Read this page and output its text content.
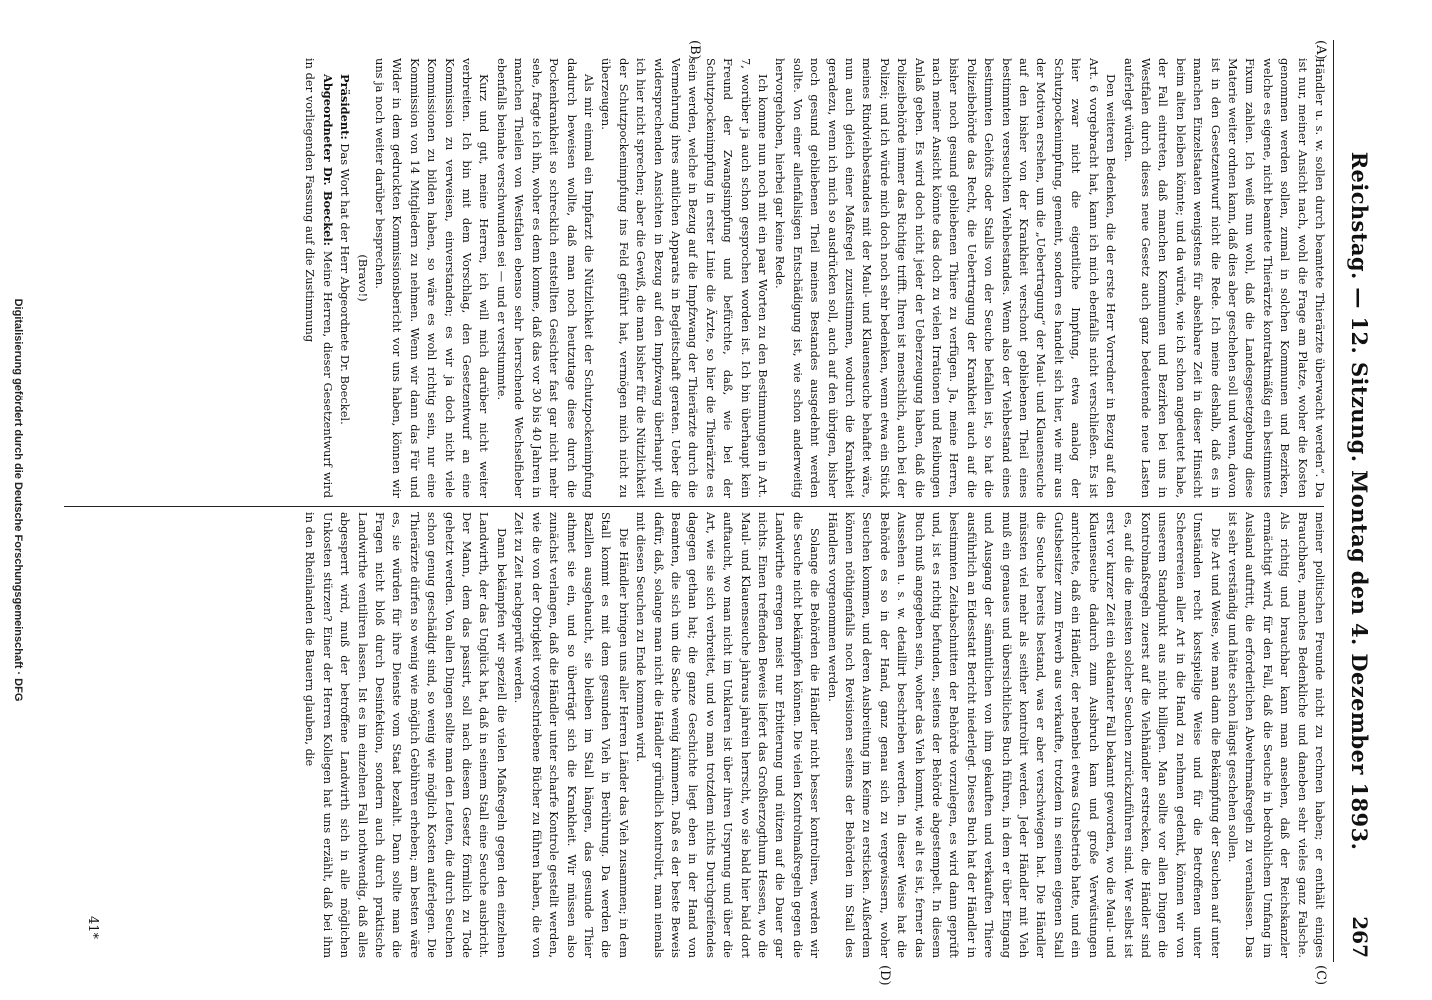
Reichstag. — 12. Sitzung. Montag den 4. Dezember 1893.
267
(A)
(B)
(C)
(D)

Händler u. s. w. sollen durch beamtete Thierärzte überwacht werden“. Da ist nur, meiner Ansicht nach, wohl die Frage am Platze, woher die Kosten genommen werden sollen, zumal in solchen Kommunen und Bezirken, welche es eigene, nicht beamtete Thierärzte kontraktmäßig ein bestimmtes Fixum zahlen. Ich weiß nun wohl, daß die Landesgesetzgebung diese Materie weiter ordnen kann, daß dies aber geschehen soll und wenn, davon ist in den Gesetzentwurf nicht die Rede. Ich meine deshalb, daß es in manchen Einzelstaaten wenigstens für absehbare Zeit in dieser Hinsicht beim alten bleiben könnte; und da würde, wie ich schon angedeutet habe, der Fall eintreten, daß manchen Kommunen und Bezirken bei uns in Westfalen durch dieses neue Gesetz auch ganz bedeutende neue Lasten auferlegt würden.

Den weiteren Bedenken, die der erste Herr Vorredner in Bezug auf den Art. 6 vorgebracht hat, kann ich mich ebenfalls nicht verschließen. Es ist hier zwar nicht die eigentliche Impfung, etwa analog der Schutzpockenimpfung, gemeint, sondern es handelt sich hier, wie mir aus der Motiven ersehen, um die „Uebertragung“ der Maul- und Klauenseuche auf den bisher von der Krankheit verschont gebliebenen Theil eines bestimmten verseuchten Viehbestandes. Wenn also der Viehbestand eines bestimmten Gehöfts oder Stalls von der Seuche befallen ist, so hat die Polizeibehörde das Recht, die Uebertragung der Krankheit auch auf die bisher noch gesund gebliebenen Thiere zu verfügen. Ja, meine Herren, nach meiner Ansicht könnte das doch zu vielen Irrationen und Reibungen Anlaß geben. Es wird doch nicht jeder der Ueberzeugung haben, daß die Polizeibehörde immer das Richtige trifft. Ihren ist menschlich, auch bei der Polizei; und ich würde mich doch noch sehr bedenken, wenn etwa ein Stück meines Rindviehbestandes mit der Maul- und Klauenseuche behaftet wäre, nun auch gleich einer Maßregel zuzustimmen, wodurch die Krankheit geradezu, wenn ich mich so ausdrücken soll, auch auf den übrigen, bisher noch gesund gebliebenen Theil meines Bestandes ausgedehnt werden sollte. Von einer allenfallsigen Entschädigung ist, wie schon anderweitig hervorgehoben, hierbei gar keine Rede.

Ich komme nun noch mit ein paar Worten zu den Bestimmungen in Art. 7, worüber ja auch schon gesprochen worden ist. Ich bin überhaupt kein Freund der Zwangsimpfung und befürchte, daß, wie bei der Schutzpockenimpfung in erster Linie die Ärzte, so hier die Thierärzte es sein werden, welche in Bezug auf die Impfzwang der Thierärzte durch die Vermehrung ihres amtlichen Apparats in Begleitschaft geraten. Ueber die widersprechenden Ansichten in Bezug auf den Impfzwang überhaupt will ich hier nicht sprechen; aber die Gewiß, die man bisher für die Nützlichkeit der Schutzpockenimpfung ins Feld geführt hat, vermögen mich nicht zu überzeugen.

Als mir einmal ein Impfarzt die Nützlichkeit der Schutzpockenimpfung dadurch beweisen wollte, daß man noch heutzutage diese durch die Pockenkrankheit so schrecklich entstellten Gesichter fast gar nicht mehr sehe, fragte ich ihn, woher es denn komme, daß das vor 30 bis 40 Jahren in manchen Theilen von Westfalen ebenso sehr herrschende Wechselfieber ebenfalls beinahe verschwunden sei — und er verstummte.

Kurz und gut, meine Herren, ich will mich darüber nicht weiter verbreiten. Ich bin mit dem Vorschlag, den Gesetzentwurf an eine Kommission zu verweisen, einverstanden; es wir ja doch nicht viele Kommissionen zu bilden haben, so wäre es wohl richtig sein, nur eine Kommission von 14 Mitgliedern zu nehmen. Wenn wir dann das Für und Wider in dem gedruckten Kommissionsbericht vor uns haben, können wir uns ja noch weiter darüber besprechen.

(Bravo!)

Präsident: Das Wort hat der Herr Abgeordnete Dr. Boeckel.

Abgeordneter Dr. Boeckel: Meine Herren, dieser Gesetzentwurf wird in der vorliegenden Fassung auf die Zustimmung

meiner politischen Freunde nicht zu rechnen haben; er enthält einiges Brauchbare, manches Bedenkliche und daneben sehr vieles ganz Falsche. Als richtig und brauchbar kann man ansehen, daß der Reichskanzler ermächtigt wird, für den Fall, daß die Seuche in bedrohlichem Umfang im Ausland auftritt, die erforderlichen Abwehrmaßregeln zu veranlassen. Das ist sehr verständig und hätte schon längst geschehen sollen.

Die Art und Weise, wie man dann die Bekämpfung der Seuchen auf unter Umständen recht kostspielige Weise und für die Betroffenen unter Scheerereien aller Art in die Hand zu nehmen gedenkt, können wir von unserem Standpunkt aus nicht billigen. Man sollte vor allen Dingen die Kontrolmaßregeln zuerst auf die Viehhändler erstrecken, die Händler sind es, auf die die meisten solcher Seuchen zurückzuführen sind. Wer selbst ist erst vor kurzer Zeit ein eklatanter Fall bekannt geworden, wo die Maul- und Klauenseuche dadurch zum Ausbruch kam und große Verwüstungen anrichtete, daß ein Händler, der nebenbei etwas Gutsbetrieb hatte, und ein Gutsbesitzer zum Erwerb aus verkaufte, trotzdem in seinem eigenen Stall die Seuche bereits bestand, was er aber verschwiegen hat. Die Händler müssten viel mehr als seither kontrolirt werden. Jeder Händler mit Vieh muß ein genaues und übersichtliches Buch führen, in dem er über Eingang und Ausgang der sämmtlichen von ihm gekauften und verkauften Thiere ausführlich an Eidesstatt Bericht niederlegt. Dieses Buch hat der Händler in bestimmten Zeitabschnitten der Behörde vorzulegen, es wird dann geprüft und, ist es richtig befunden, seitens der Behörde abgestempelt. In diesem Buch muß angegeben sein, woher das Vieh kommt, wie alt es ist, ferner das Aussehen u. s. w. detaillirt beschrieben werden. In dieser Weise hat die Behörde es so in der Hand, ganz genau sich zu vergewissern, woher Seuchen kommen, und deren Ausbreitung im Keime zu ersticken. Außerdem können nöthigenfalls noch Revisionen seitens der Behörden im Stall des Händlers vorgenommen werden.

Solange die Behörden die Händler nicht besser kontroliren, werden wir die Seuche nicht bekämpfen können. Die vielen Kontrolmaßregeln gegen die Landwirthe erregen meist nur Erbitterung und nützen auf die Dauer gar nichts. Einen treffenden Beweis liefert das Großherzogthum Hessen, wo die Maul- und Klauenseuche jahraus jahrein herrscht, wo sie bald hier bald dort auftaucht, wo man nicht im Unklaren ist über ihren Ursprung und über die Art, wie sie sich verbreitet, und wo man trotzdem nichts Durchgreifendes dagegen gethan hat; die ganze Geschichte liegt eben in der Hand von Beamten, die sich um die Sache wenig kümmern. Daß es der beste Beweis dafür, daß, solange man nicht die Händler gründlich kontrolirt, man niemals mit diesen Seuchen zu Ende kommen wird.

Die Händler bringen uns aller Herren Länder das Vieh zusammen; in dem Stall kommt es mit dem gesunden Vieh in Berührung. Da werden die Bazillen ausgehaucht, sie bleiben im Stall hängen, das gesunde Thier athmet sie ein, und so überträgt sich die Krankheit. Wir müssen also zunächst verlangen, daß die Händler unter scharfe Kontrole gestellt werden, wie die von der Obrigkeit vorgeschriebene Bücher zu führen haben, die von Zeit zu Zeit nachgeprüft werden.

Dann bekämpfen wir speziell die vielen Maßregeln gegen den einzelnen Landwirth, der das Unglück hat, daß in seinem Stall eine Seuche ausbricht. Der Mann, dem das passirt, soll nach diesem Gesetz förmlich zu Tode gehetzt werden. Von allen Dingen sollte man den Leuten, die durch Seuchen schon genug geschädigt sind, so wenig wie möglich Kosten auferlegen. Die Thierärzte dürfen so wenig wie möglich Gebühren erheben; am besten wäre es, sie würden für ihre Dienste vom Staat bezahlt. Dann sollte man die Fragen nicht bloß durch Desinfektion, sondern auch durch praktische Landwirthe ventiliren lassen. Ist es im einzelnen Fall nothwendig, daß alles abgesperrt wird, muß der betroffene Landwirth sich in alle möglichen Unkosten stürzen? Einer der Herren Kollegen hat uns erzählt, daß bei ihm in den Rheinlanden die Bauern glauben, die

41*
Digitalisierung gefördert durch die Deutsche Forschungsgemeinschaft · DFG
